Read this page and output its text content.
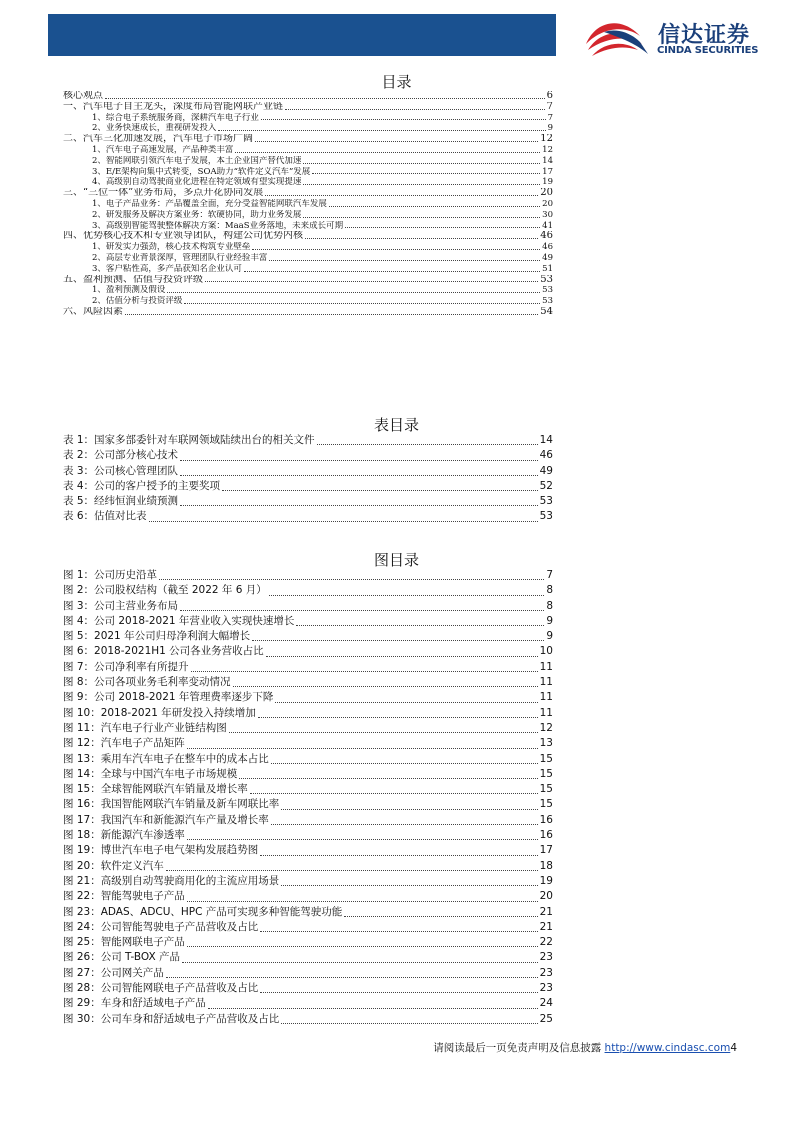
信达证券
CINDA SECURITIES
目录
核心观点	6
一、汽车电子自主龙头，深度布局智能网联产业链	7
1、综合电子系统服务商，深耕汽车电子行业	7
2、业务快速成长，重视研发投入	9
二、汽车三化加速发展，汽车电子市场广阔	12
1、汽车电子高速发展，产品种类丰富	12
2、智能网联引领汽车电子发展，本土企业国产替代加速	14
3、E/E架构向集中式转变，SOA助力“软件定义汽车”发展	17
4、高级别自动驾驶商业化进程在特定领域有望实现提速	19
三、“三位一体”业务布局，多点开花协同发展	20
1、电子产品业务：产品覆盖全面，充分受益智能网联汽车发展	20
2、研发服务及解决方案业务：软硬协同，助力业务发展	30
3、高级别智能驾驶整体解决方案：MaaS业务落地，未来成长可期	41
四、优势核心技术和专业领导团队，构建公司优势内核	46
1、研发实力强劲，核心技术构筑专业壁垒	46
2、高层专业背景深厚，管理团队行业经验丰富	49
3、客户粘性高，多产品获知名企业认可	51
五、盈利预测、估值与投资评级	53
1、盈利预测及假设	53
2、估值分析与投资评级	53
六、风险因素	54
表目录
表 1：国家多部委针对车联网领域陆续出台的相关文件	14
表 2：公司部分核心技术	46
表 3：公司核心管理团队	49
表 4：公司的客户授予的主要奖项	52
表 5：经纬恒润业绩预测	53
表 6：估值对比表	53
图目录
图 1：公司历史沿革	7
图 2：公司股权结构（截至 2022 年 6 月）	8
图 3：公司主营业务布局	8
图 4：公司 2018-2021 年营业收入实现快速增长	9
图 5：2021 年公司归母净利润大幅增长	9
图 6：2018-2021H1 公司各业务营收占比	10
图 7：公司净利率有所提升	11
图 8：公司各项业务毛利率变动情况	11
图 9：公司 2018-2021 年管理费率逐步下降	11
图 10：2018-2021 年研发投入持续增加	11
图 11：汽车电子行业产业链结构图	12
图 12：汽车电子产品矩阵	13
图 13：乘用车汽车电子在整车中的成本占比	15
图 14：全球与中国汽车电子市场规模	15
图 15：全球智能网联汽车销量及增长率	15
图 16：我国智能网联汽车销量及新车网联比率	15
图 17：我国汽车和新能源汽车产量及增长率	16
图 18：新能源汽车渗透率	16
图 19：博世汽车电子电气架构发展趋势图	17
图 20：软件定义汽车	18
图 21：高级别自动驾驶商用化的主流应用场景	19
图 22：智能驾驶电子产品	20
图 23：ADAS、ADCU、HPC 产品可实现多种智能驾驶功能	21
图 24：公司智能驾驶电子产品营收及占比	21
图 25：智能网联电子产品	22
图 26：公司 T-BOX 产品	23
图 27：公司网关产品	23
图 28：公司智能网联电子产品营收及占比	23
图 29：车身和舒适域电子产品	24
图 30：公司车身和舒适域电子产品营收及占比	25
请阅读最后一页免责声明及信息披露 http://www.cindasc.com4
